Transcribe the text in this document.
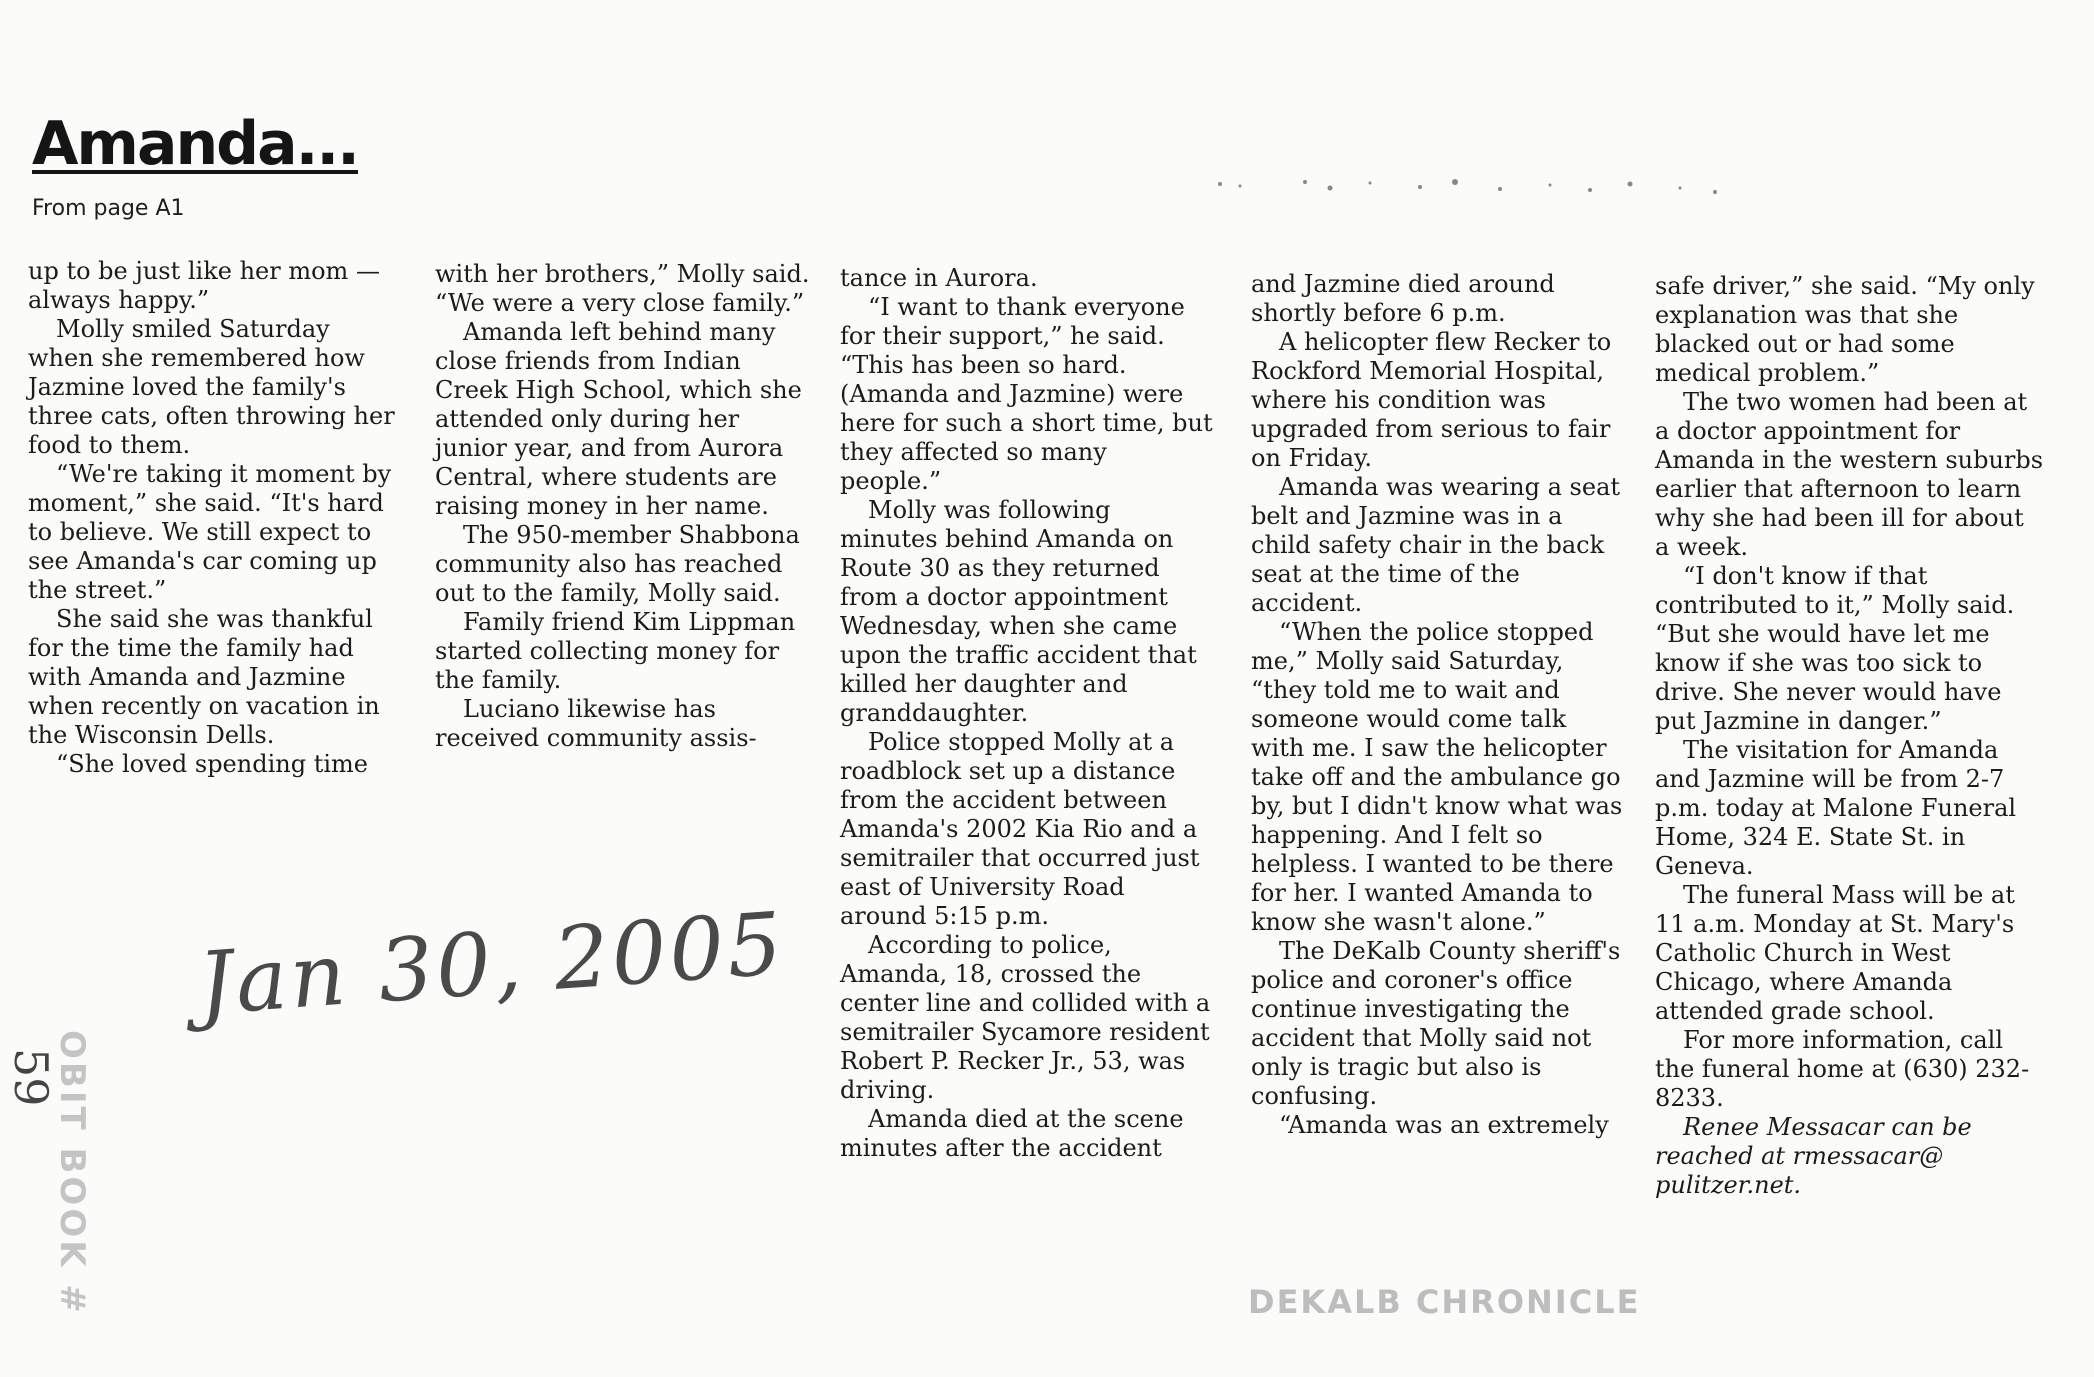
Amanda...
From page A1

up to be just like her mom — always happy.”

Molly smiled Saturday when she remembered how Jazmine loved the family's three cats, often throwing her food to them.

“We're taking it moment by moment,” she said. “It's hard to believe. We still expect to see Amanda's car coming up the street.”

She said she was thankful for the time the family had with Amanda and Jazmine when recently on vacation in the Wisconsin Dells.

“She loved spending time

with her brothers,” Molly said. “We were a very close family.”

Amanda left behind many close friends from Indian Creek High School, which she attended only during her junior year, and from Aurora Central, where students are raising money in her name.

The 950-member Shabbona community also has reached out to the family, Molly said.

Family friend Kim Lippman started collecting money for the family.

Luciano likewise has received community assis-

tance in Aurora.

“I want to thank everyone for their support,” he said. “This has been so hard. (Amanda and Jazmine) were here for such a short time, but they affected so many people.”

Molly was following minutes behind Amanda on Route 30 as they returned from a doctor appointment Wednesday, when she came upon the traffic accident that killed her daughter and granddaughter.

Police stopped Molly at a roadblock set up a distance from the accident between Amanda's 2002 Kia Rio and a semitrailer that occurred just east of University Road around 5:15 p.m.

According to police, Amanda, 18, crossed the center line and collided with a semitrailer Sycamore resident Robert P. Recker Jr., 53, was driving.

Amanda died at the scene minutes after the accident

and Jazmine died around shortly before 6 p.m.

A helicopter flew Recker to Rockford Memorial Hospital, where his condition was upgraded from serious to fair on Friday.

Amanda was wearing a seat belt and Jazmine was in a child safety chair in the back seat at the time of the accident.

“When the police stopped me,” Molly said Saturday, “they told me to wait and someone would come talk with me. I saw the helicopter take off and the ambulance go by, but I didn't know what was happening. And I felt so helpless. I wanted to be there for her. I wanted Amanda to know she wasn't alone.”

The DeKalb County sheriff's police and coroner's office continue investigating the accident that Molly said not only is tragic but also is confusing.

“Amanda was an extremely

safe driver,” she said. “My only explanation was that she blacked out or had some medical problem.”

The two women had been at a doctor appointment for Amanda in the western suburbs earlier that afternoon to learn why she had been ill for about a week.

“I don't know if that contributed to it,” Molly said. “But she would have let me know if she was too sick to drive. She never would have put Jazmine in danger.”

The visitation for Amanda and Jazmine will be from 2-7 p.m. today at Malone Funeral Home, 324 E. State St. in Geneva.

The funeral Mass will be at 11 a.m. Monday at St. Mary's Catholic Church in West Chicago, where Amanda attended grade school.

For more information, call the funeral home at (630) 232-8233.

Renee Messacar can be reached at rmessacar@ pulitzer.net.

Jan 30, 2005
59
OBIT BOOK #	DEKALB CHRONICLE
